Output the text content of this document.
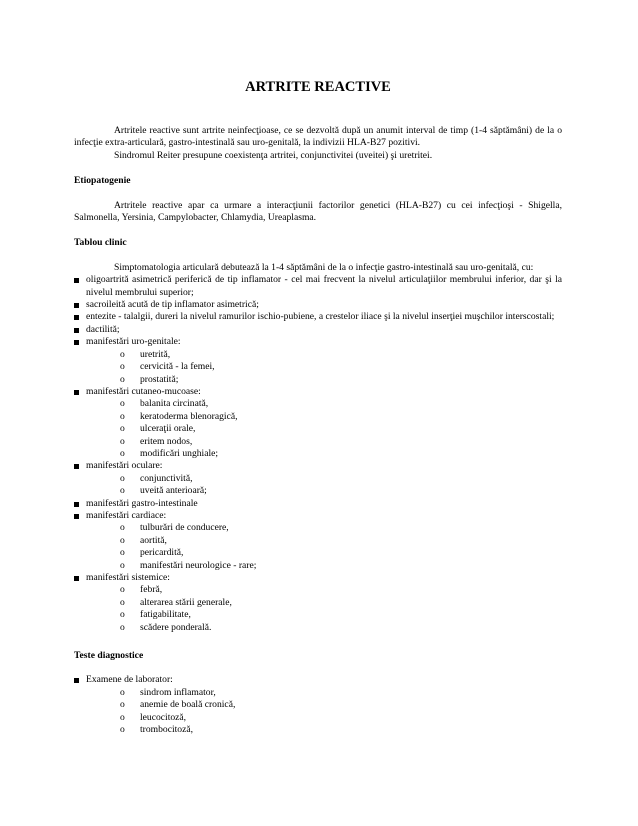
ARTRITE REACTIVE

Artritele reactive sunt artrite neinfecţioase, ce se dezvoltă după un anumit interval de timp (1-4 săptămâni) de la o infecţie extra-articulară, gastro-intestinală sau uro-genitală, la indivizii HLA-B27 pozitivi.

Sindromul Reiter presupune coexistenţa artritei, conjunctivitei (uveitei) şi uretritei.

Etiopatogenie

Artritele reactive apar ca urmare a interacţiunii factorilor genetici (HLA-B27) cu cei infecţioşi - Shigella, Salmonella, Yersinia, Campylobacter, Chlamydia, Ureaplasma.

Tablou clinic

Simptomatologia articulară debutează la 1-4 săptămâni de la o infecţie gastro-intestinală sau uro-genitală, cu:

oligoartrită asimetrică periferică de tip inflamator - cel mai frecvent la nivelul articulaţiilor membrului inferior, dar şi la nivelul membrului superior;
sacroileită acută de tip inflamator asimetrică;
entezite - talalgii, dureri la nivelul ramurilor ischio-pubiene, a crestelor iliace şi la nivelul inserţiei muşchilor interscostali;
dactilită;
manifestări uro-genitale:
o uretrită,
o cervicită - la femei,
o prostatită;
manifestări cutaneo-mucoase:
o balanita circinată,
o keratoderma blenoragică,
o ulceraţii orale,
o eritem nodos,
o modificări unghiale;
manifestări oculare:
o conjunctivită,
o uveită anterioară;
manifestări gastro-intestinale
manifestări cardiace:
o tulburări de conducere,
o aortită,
o pericardită,
o manifestări neurologice - rare;
manifestări sistemice:
o febră,
o alterarea stării generale,
o fatigabilitate,
o scădere ponderală.
Teste diagnostice
Examene de laborator:
o sindrom inflamator,
o anemie de boală cronică,
o leucocitoză,
o trombocitoză,
